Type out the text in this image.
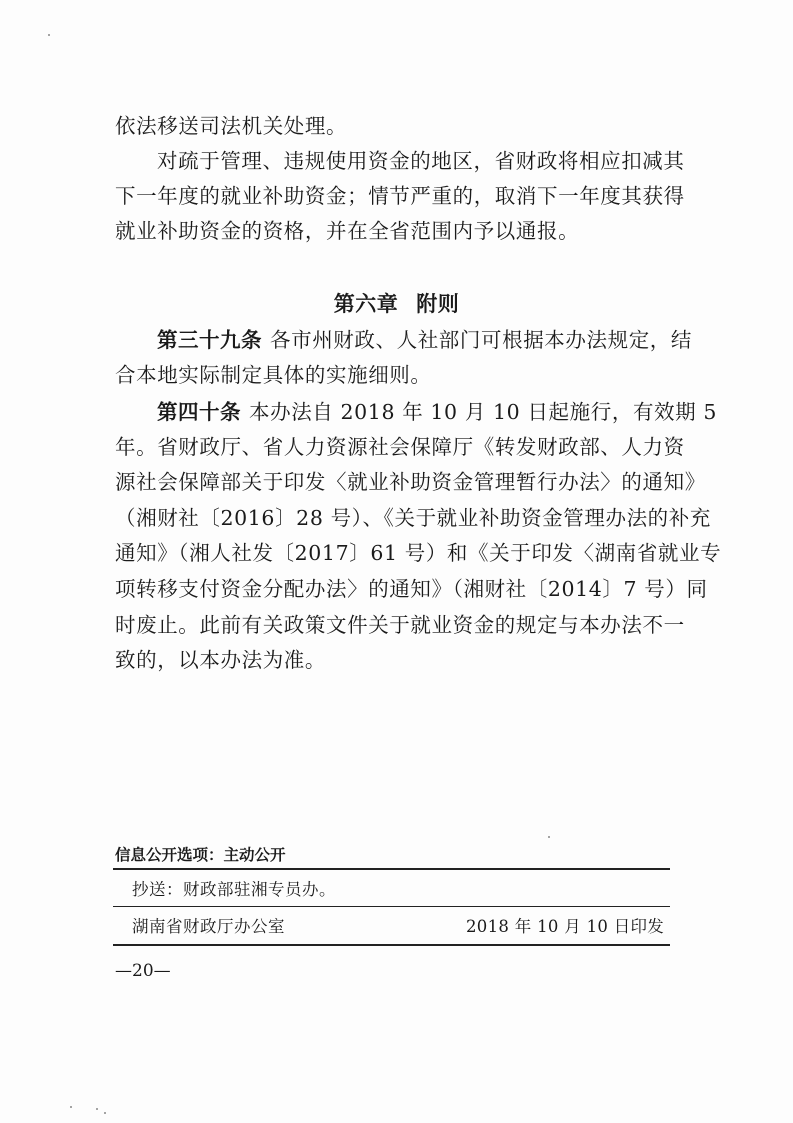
依法移送司法机关处理。
对疏于管理、违规使用资金的地区，省财政将相应扣减其
下一年度的就业补助资金；情节严重的，取消下一年度其获得
就业补助资金的资格，并在全省范围内予以通报。
第六章 附则
第三十九条 各市州财政、人社部门可根据本办法规定，结
合本地实际制定具体的实施细则。
第四十条 本办法自 2018 年 10 月 10 日起施行，有效期 5
年。省财政厅、省人力资源社会保障厅《转发财政部、人力资
源社会保障部关于印发〈就业补助资金管理暂行办法〉的通知》
（湘财社〔2016〕28 号）、《关于就业补助资金管理办法的补充
通知》（湘人社发〔2017〕61 号）和《关于印发〈湖南省就业专
项转移支付资金分配办法〉的通知》（湘财社〔2014〕7 号）同
时废止。此前有关政策文件关于就业资金的规定与本办法不一
致的，以本办法为准。
信息公开选项：主动公开
抄送：财政部驻湘专员办。
湖南省财政厅办公室	2018 年 10 月 10 日印发
—20—
